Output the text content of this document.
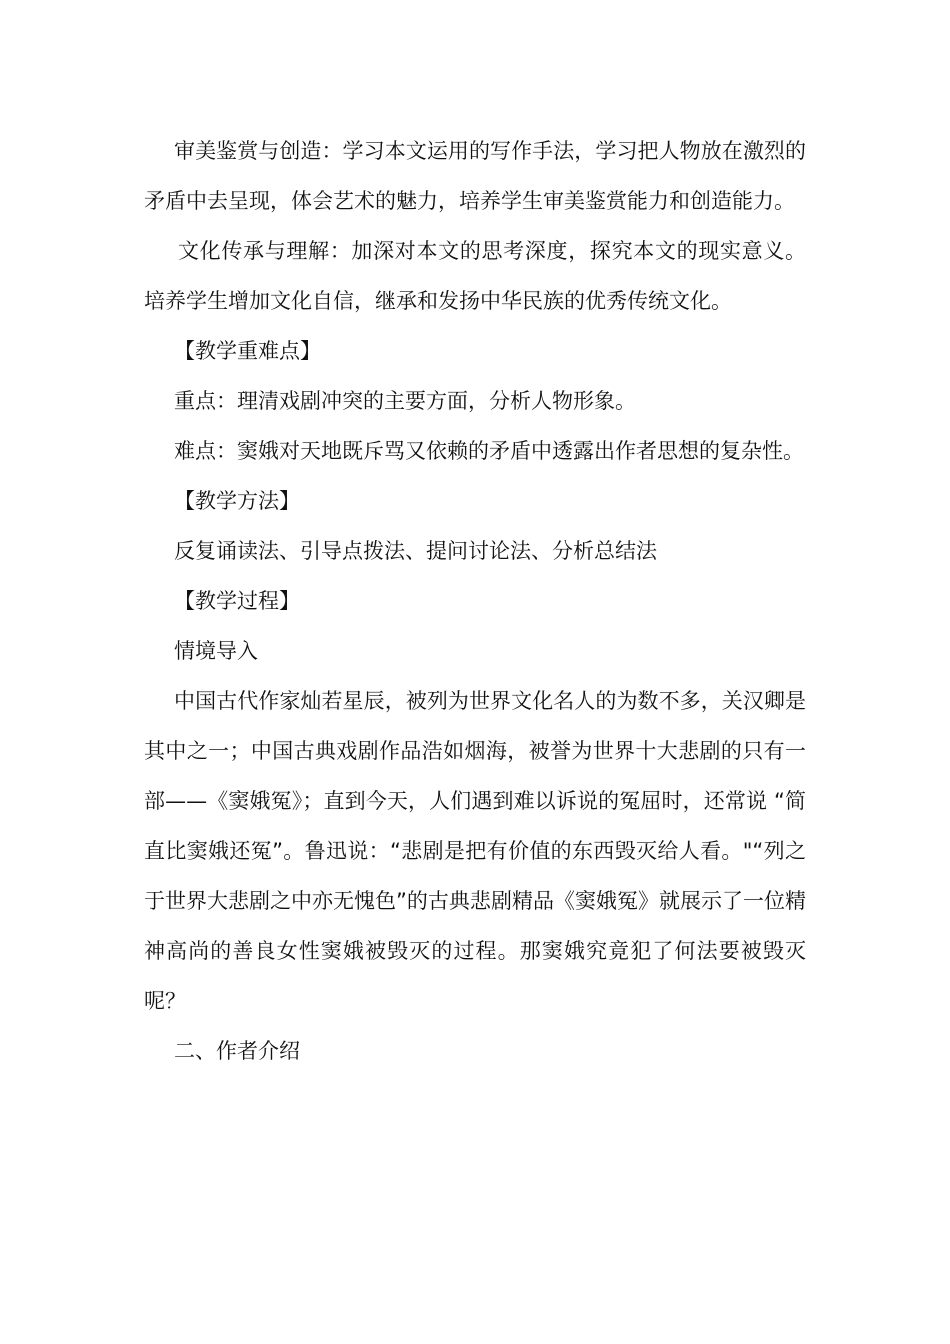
审美鉴赏与创造：学习本文运用的写作手法，学习把人物放在激烈的矛盾中去呈现，体会艺术的魅力，培养学生审美鉴赏能力和创造能力。

文化传承与理解：加深对本文的思考深度，探究本文的现实意义。培养学生增加文化自信，继承和发扬中华民族的优秀传统文化。

【教学重难点】

重点：理清戏剧冲突的主要方面，分析人物形象。

难点：窦娥对天地既斥骂又依赖的矛盾中透露出作者思想的复杂性。

【教学方法】

反复诵读法、引导点拨法、提问讨论法、分析总结法

【教学过程】

情境导入

中国古代作家灿若星辰，被列为世界文化名人的为数不多，关汉卿是其中之一；中国古典戏剧作品浩如烟海，被誉为世界十大悲剧的只有一部——《窦娥冤》；直到今天，人们遇到难以诉说的冤屈时，还常说 “简直比窦娥还冤”。鲁迅说：“悲剧是把有价值的东西毁灭给人看。"“列之于世界大悲剧之中亦无愧色”的古典悲剧精品《窦娥冤》就展示了一位精神高尚的善良女性窦娥被毁灭的过程。那窦娥究竟犯了何法要被毁灭呢？

二、作者介绍
